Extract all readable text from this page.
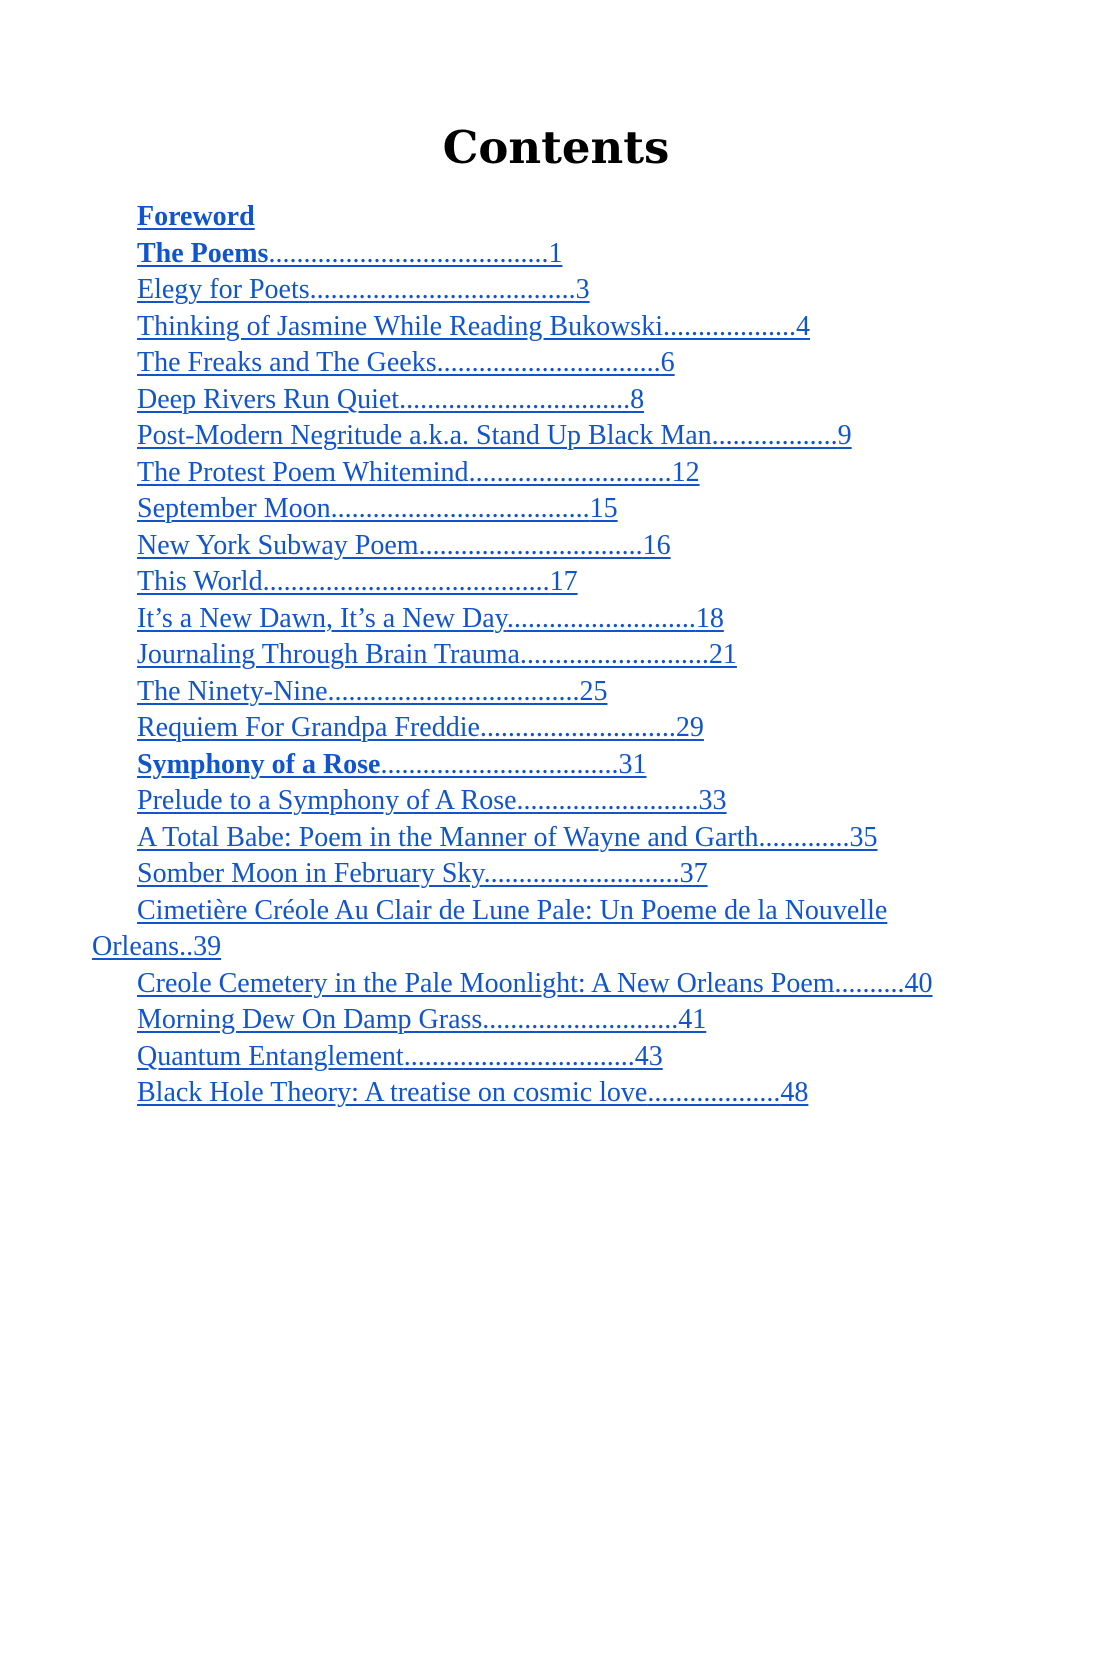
Contents
Foreword
The Poems........................................1
Elegy for Poets......................................3
Thinking of Jasmine While Reading Bukowski...................4
The Freaks and The Geeks................................6
Deep Rivers Run Quiet.................................8
Post-Modern Negritude a.k.a. Stand Up Black Man..................9
The Protest Poem Whitemind.............................12
September Moon.....................................15
New York Subway Poem................................16
This World.........................................17
It’s a New Dawn, It’s a New Day...........................18
Journaling Through Brain Trauma...........................21
The Ninety-Nine....................................25
Requiem For Grandpa Freddie............................29
Symphony of a Rose..................................31
Prelude to a Symphony of A Rose..........................33
A Total Babe: Poem in the Manner of Wayne and Garth.............35
Somber Moon in February Sky............................37
Cimetière Créole Au Clair de Lune Pale: Un Poeme de la Nouvelle Orleans..39
Creole Cemetery in the Pale Moonlight: A New Orleans Poem..........40
Morning Dew On Damp Grass............................41
Quantum Entanglement.................................43
Black Hole Theory: A treatise on cosmic love...................48
